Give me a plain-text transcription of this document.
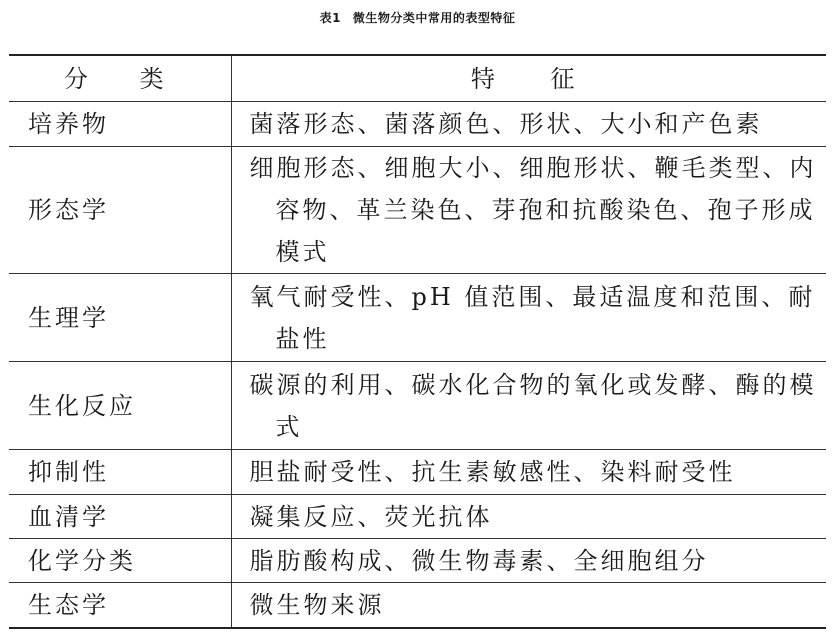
表1 微生物分类中常用的表型特征
分 类	特 征
培养物	菌落形态、菌落颜色、形状、大小和产色素

形态学	细胞形态、细胞大小、细胞形状、鞭毛类型、内容物、革兰染色、芽孢和抗酸染色、孢子形成模式

生理学	氧气耐受性、pH 值范围、最适温度和范围、耐盐性

生化反应	碳源的利用、碳水化合物的氧化或发酵、酶的模式

抑制性	胆盐耐受性、抗生素敏感性、染料耐受性

血清学	凝集反应、荧光抗体

化学分类	脂肪酸构成、微生物毒素、全细胞组分

生态学	微生物来源
